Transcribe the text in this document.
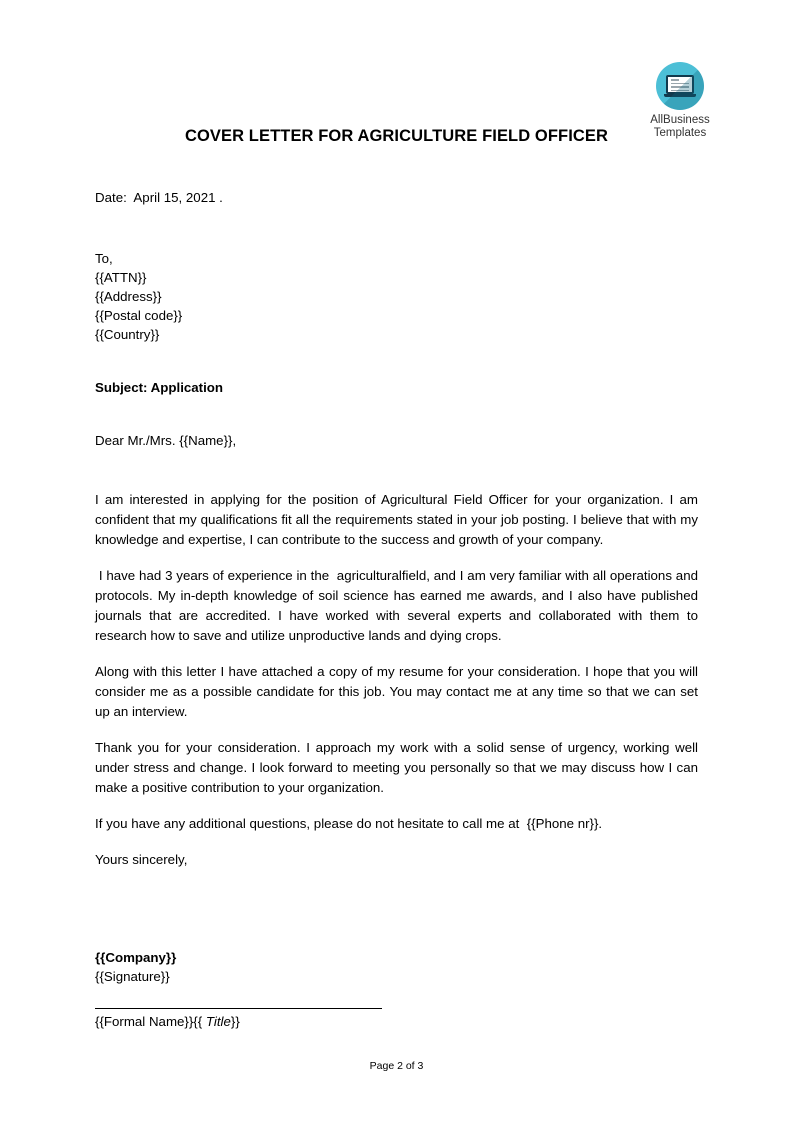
AllBusiness
Templates
COVER LETTER FOR AGRICULTURE FIELD OFFICER
Date:  April 15, 2021 .
To,
{{ATTN}}
{{Address}}
{{Postal code}}
{{Country}}
Subject: Application
Dear Mr./Mrs. {{Name}},

I am interested in applying for the position of Agricultural Field Officer for your organization. I am confident that my qualifications fit all the requirements stated in your job posting. I believe that with my knowledge and expertise, I can contribute to the success and growth of your company.

I have had 3 years of experience in the  agriculturalfield, and I am very familiar with all operations and protocols. My in-depth knowledge of soil science has earned me awards, and I also have published journals that are accredited. I have worked with several experts and collaborated with them to research how to save and utilize unproductive lands and dying crops.

Along with this letter I have attached a copy of my resume for your consideration. I hope that you will consider me as a possible candidate for this job. You may contact me at any time so that we can set up an interview.

Thank you for your consideration. I approach my work with a solid sense of urgency, working well under stress and change. I look forward to meeting you personally so that we may discuss how I can make a positive contribution to your organization.

If you have any additional questions, please do not hesitate to call me at  {{Phone nr}}.

Yours sincerely,

{{Company}}
{{Signature}}
{{Formal Name}}{{ Title}}
Page 2 of 3
